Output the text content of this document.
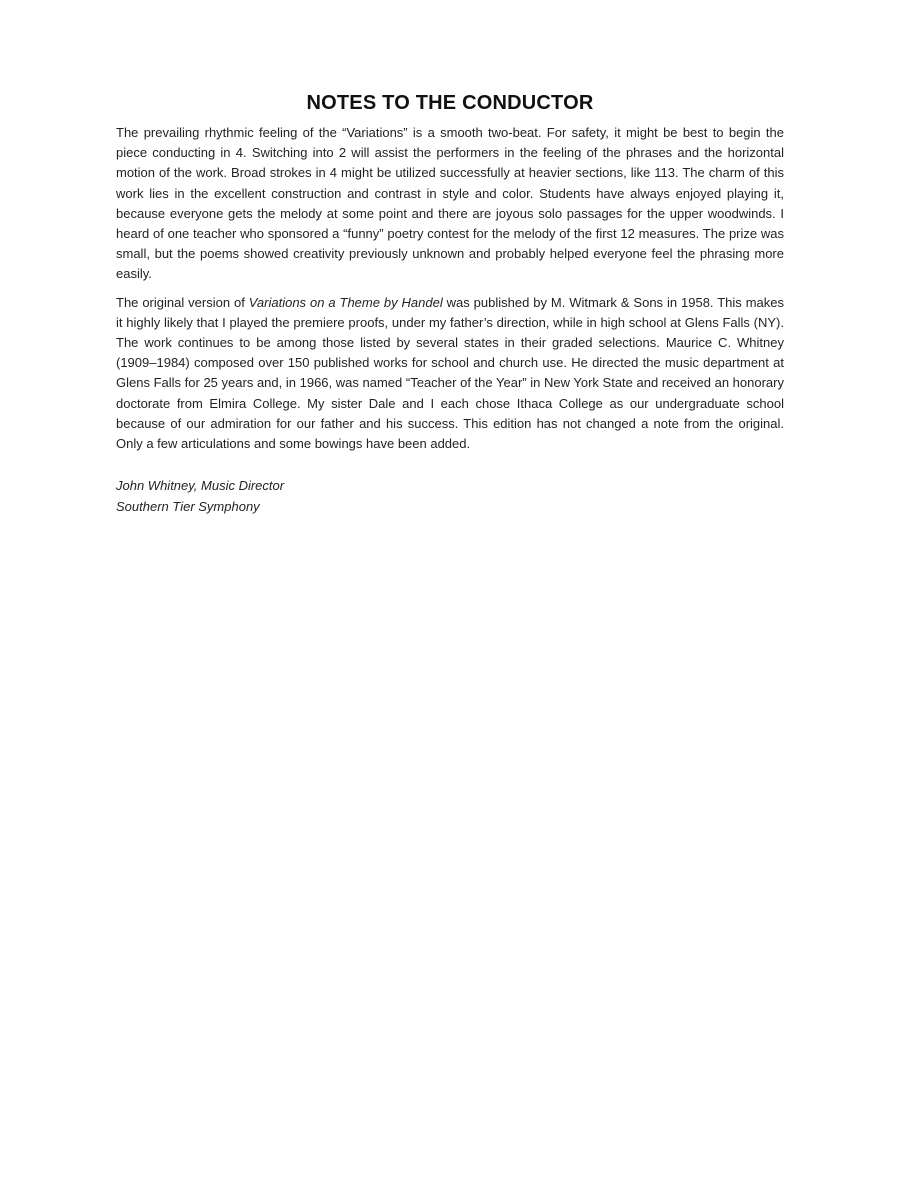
NOTES TO THE CONDUCTOR

The prevailing rhythmic feeling of the “Variations” is a smooth two-beat. For safety, it might be best to begin the piece conducting in 4. Switching into 2 will assist the performers in the feeling of the phrases and the horizontal motion of the work. Broad strokes in 4 might be utilized successfully at heavier sections, like 113. The charm of this work lies in the excellent construction and contrast in style and color. Students have always enjoyed playing it, because everyone gets the melody at some point and there are joyous solo passages for the upper woodwinds. I heard of one teacher who sponsored a “funny” poetry contest for the melody of the first 12 measures. The prize was small, but the poems showed creativity previously unknown and probably helped everyone feel the phrasing more easily.

The original version of Variations on a Theme by Handel was published by M. Witmark & Sons in 1958. This makes it highly likely that I played the premiere proofs, under my father’s direction, while in high school at Glens Falls (NY). The work continues to be among those listed by several states in their graded selections. Maurice C. Whitney (1909–1984) composed over 150 published works for school and church use. He directed the music department at Glens Falls for 25 years and, in 1966, was named “Teacher of the Year” in New York State and received an honorary doctorate from Elmira College. My sister Dale and I each chose Ithaca College as our undergraduate school because of our admiration for our father and his success. This edition has not changed a note from the original. Only a few articulations and some bowings have been added.

John Whitney, Music Director
Southern Tier Symphony
